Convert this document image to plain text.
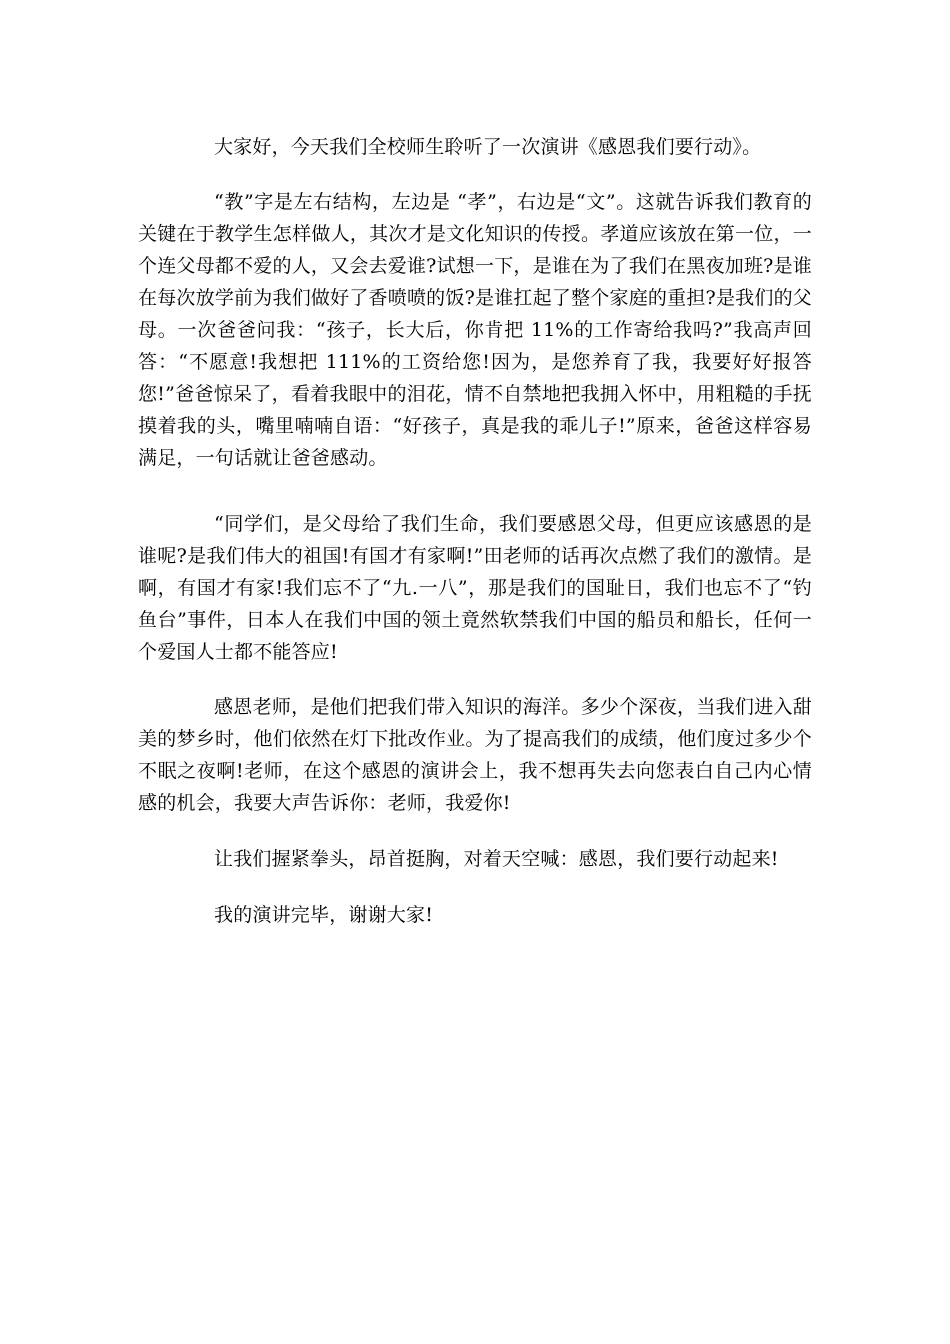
大家好，今天我们全校师生聆听了一次演讲《感恩我们要行动》。

“教”字是左右结构，左边是 “孝”，右边是“文”。这就告诉我们教育的关键在于教学生怎样做人，其次才是文化知识的传授。孝道应该放在第一位，一个连父母都不爱的人，又会去爱谁?试想一下，是谁在为了我们在黑夜加班?是谁在每次放学前为我们做好了香喷喷的饭?是谁扛起了整个家庭的重担?是我们的父母。一次爸爸问我：“孩子，长大后，你肯把 11%的工作寄给我吗?”我高声回答：“不愿意!我想把 111%的工资给您!因为，是您养育了我，我要好好报答您!”爸爸惊呆了，看着我眼中的泪花，情不自禁地把我拥入怀中，用粗糙的手抚摸着我的头，嘴里喃喃自语：“好孩子，真是我的乖儿子!”原来，爸爸这样容易满足，一句话就让爸爸感动。

“同学们，是父母给了我们生命，我们要感恩父母，但更应该感恩的是谁呢?是我们伟大的祖国!有国才有家啊!”田老师的话再次点燃了我们的激情。是啊，有国才有家!我们忘不了“九.一八”，那是我们的国耻日，我们也忘不了“钓鱼台”事件，日本人在我们中国的领土竟然软禁我们中国的船员和船长，任何一个爱国人士都不能答应!

感恩老师，是他们把我们带入知识的海洋。多少个深夜，当我们进入甜美的梦乡时，他们依然在灯下批改作业。为了提高我们的成绩，他们度过多少个不眠之夜啊!老师，在这个感恩的演讲会上，我不想再失去向您表白自己内心情感的机会，我要大声告诉你：老师，我爱你!

让我们握紧拳头，昂首挺胸，对着天空喊：感恩，我们要行动起来!

我的演讲完毕，谢谢大家!
